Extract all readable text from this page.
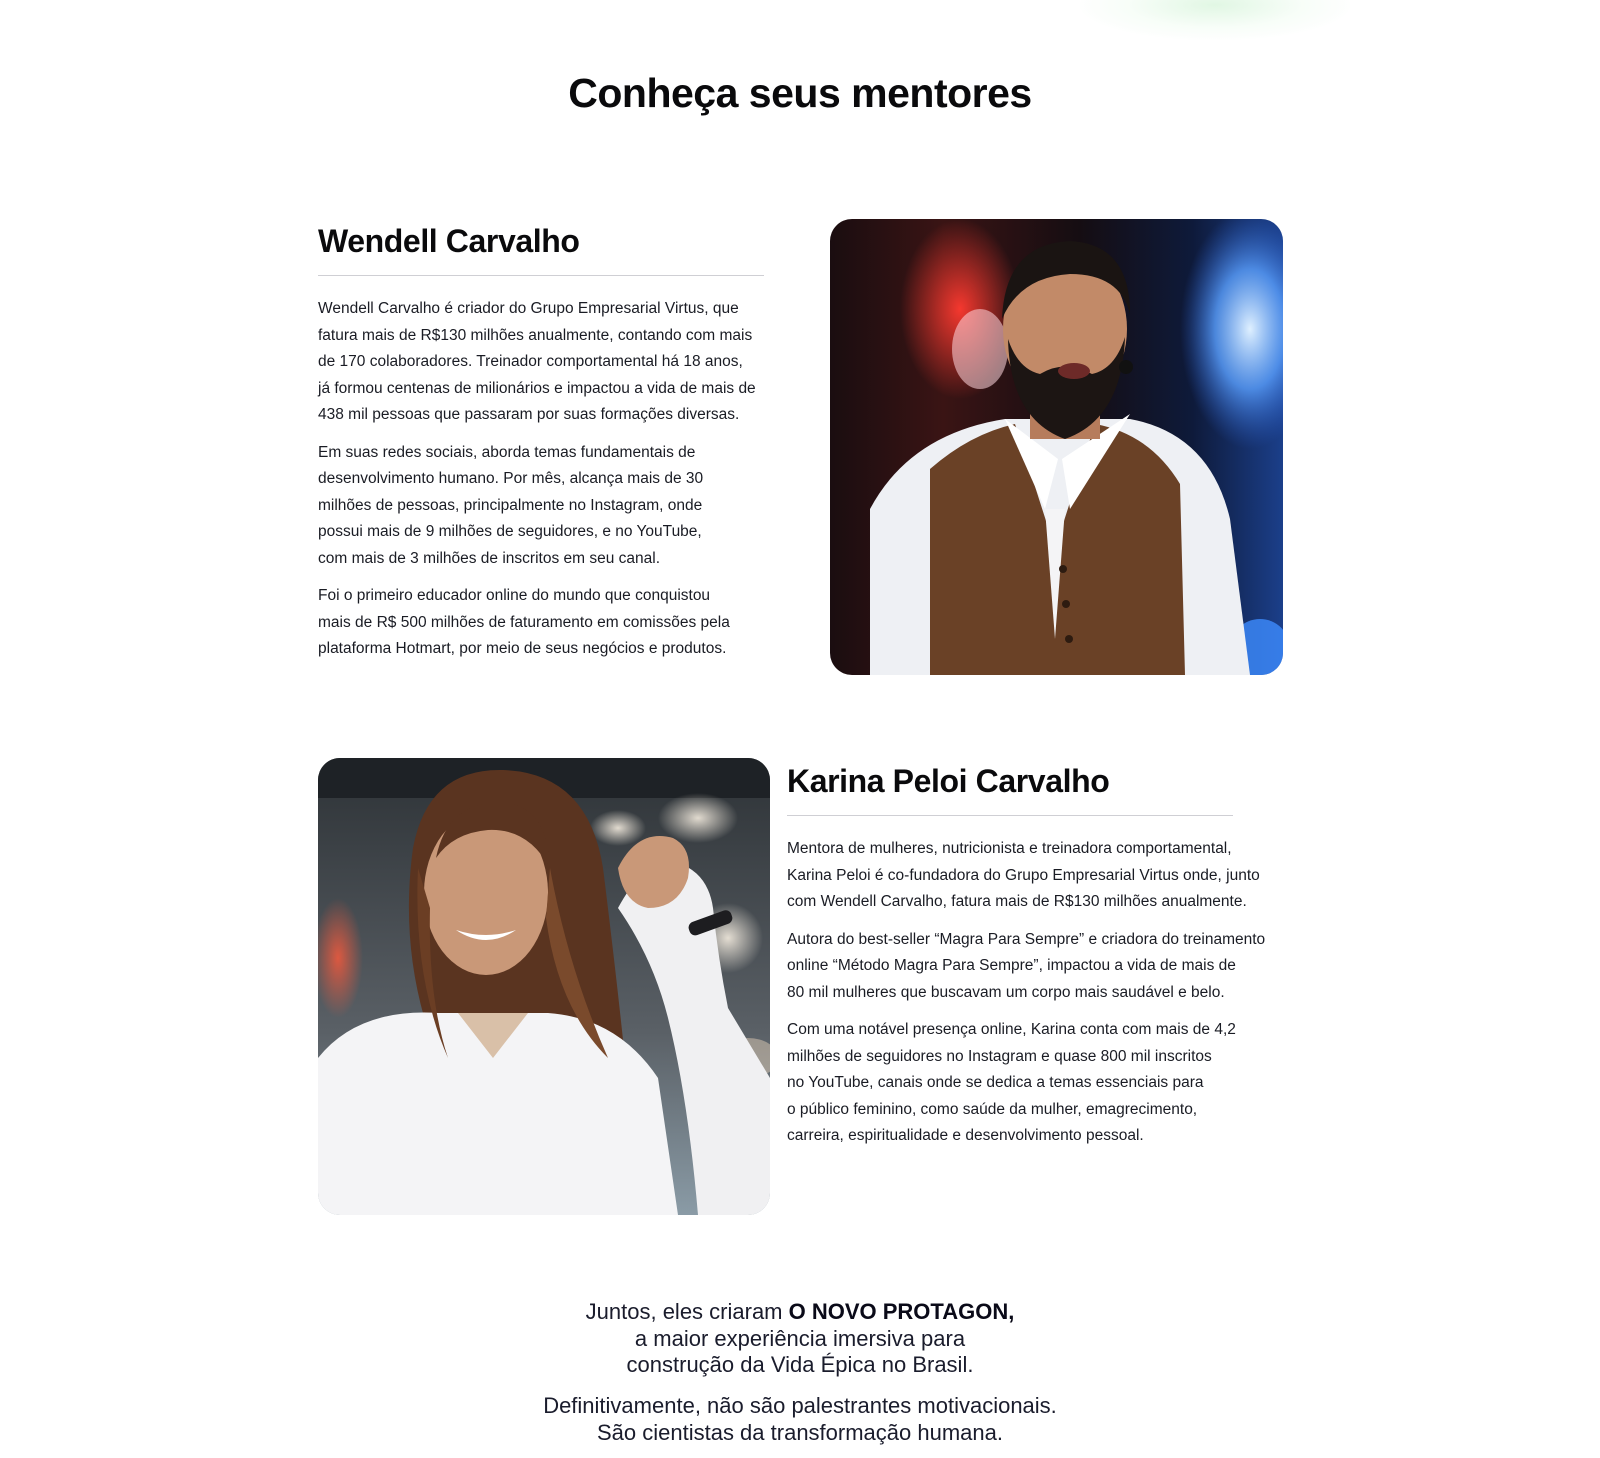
Conheça seus mentores
Wendell Carvalho

Wendell Carvalho é criador do Grupo Empresarial Virtus, que
fatura mais de R$130 milhões anualmente, contando com mais
de 170 colaboradores. Treinador comportamental há 18 anos,
já formou centenas de milionários e impactou a vida de mais de
438 mil pessoas que passaram por suas formações diversas.

Em suas redes sociais, aborda temas fundamentais de
desenvolvimento humano. Por mês, alcança mais de 30
milhões de pessoas, principalmente no Instagram, onde
possui mais de 9 milhões de seguidores, e no YouTube,
com mais de 3 milhões de inscritos em seu canal.

Foi o primeiro educador online do mundo que conquistou
mais de R$ 500 milhões de faturamento em comissões pela
plataforma Hotmart, por meio de seus negócios e produtos.

Karina Peloi Carvalho

Mentora de mulheres, nutricionista e treinadora comportamental,
Karina Peloi é co-fundadora do Grupo Empresarial Virtus onde, junto
com Wendell Carvalho, fatura mais de R$130 milhões anualmente.

Autora do best-seller “Magra Para Sempre” e criadora do treinamento
online “Método Magra Para Sempre”, impactou a vida de mais de
80 mil mulheres que buscavam um corpo mais saudável e belo.

Com uma notável presença online, Karina conta com mais de 4,2
milhões de seguidores no Instagram e quase 800 mil inscritos
no YouTube, canais onde se dedica a temas essenciais para
o público feminino, como saúde da mulher, emagrecimento,
carreira, espiritualidade e desenvolvimento pessoal.

Juntos, eles criaram O NOVO PROTAGON,
a maior experiência imersiva para
construção da Vida Épica no Brasil.
Definitivamente, não são palestrantes motivacionais.
São cientistas da transformação humana.
